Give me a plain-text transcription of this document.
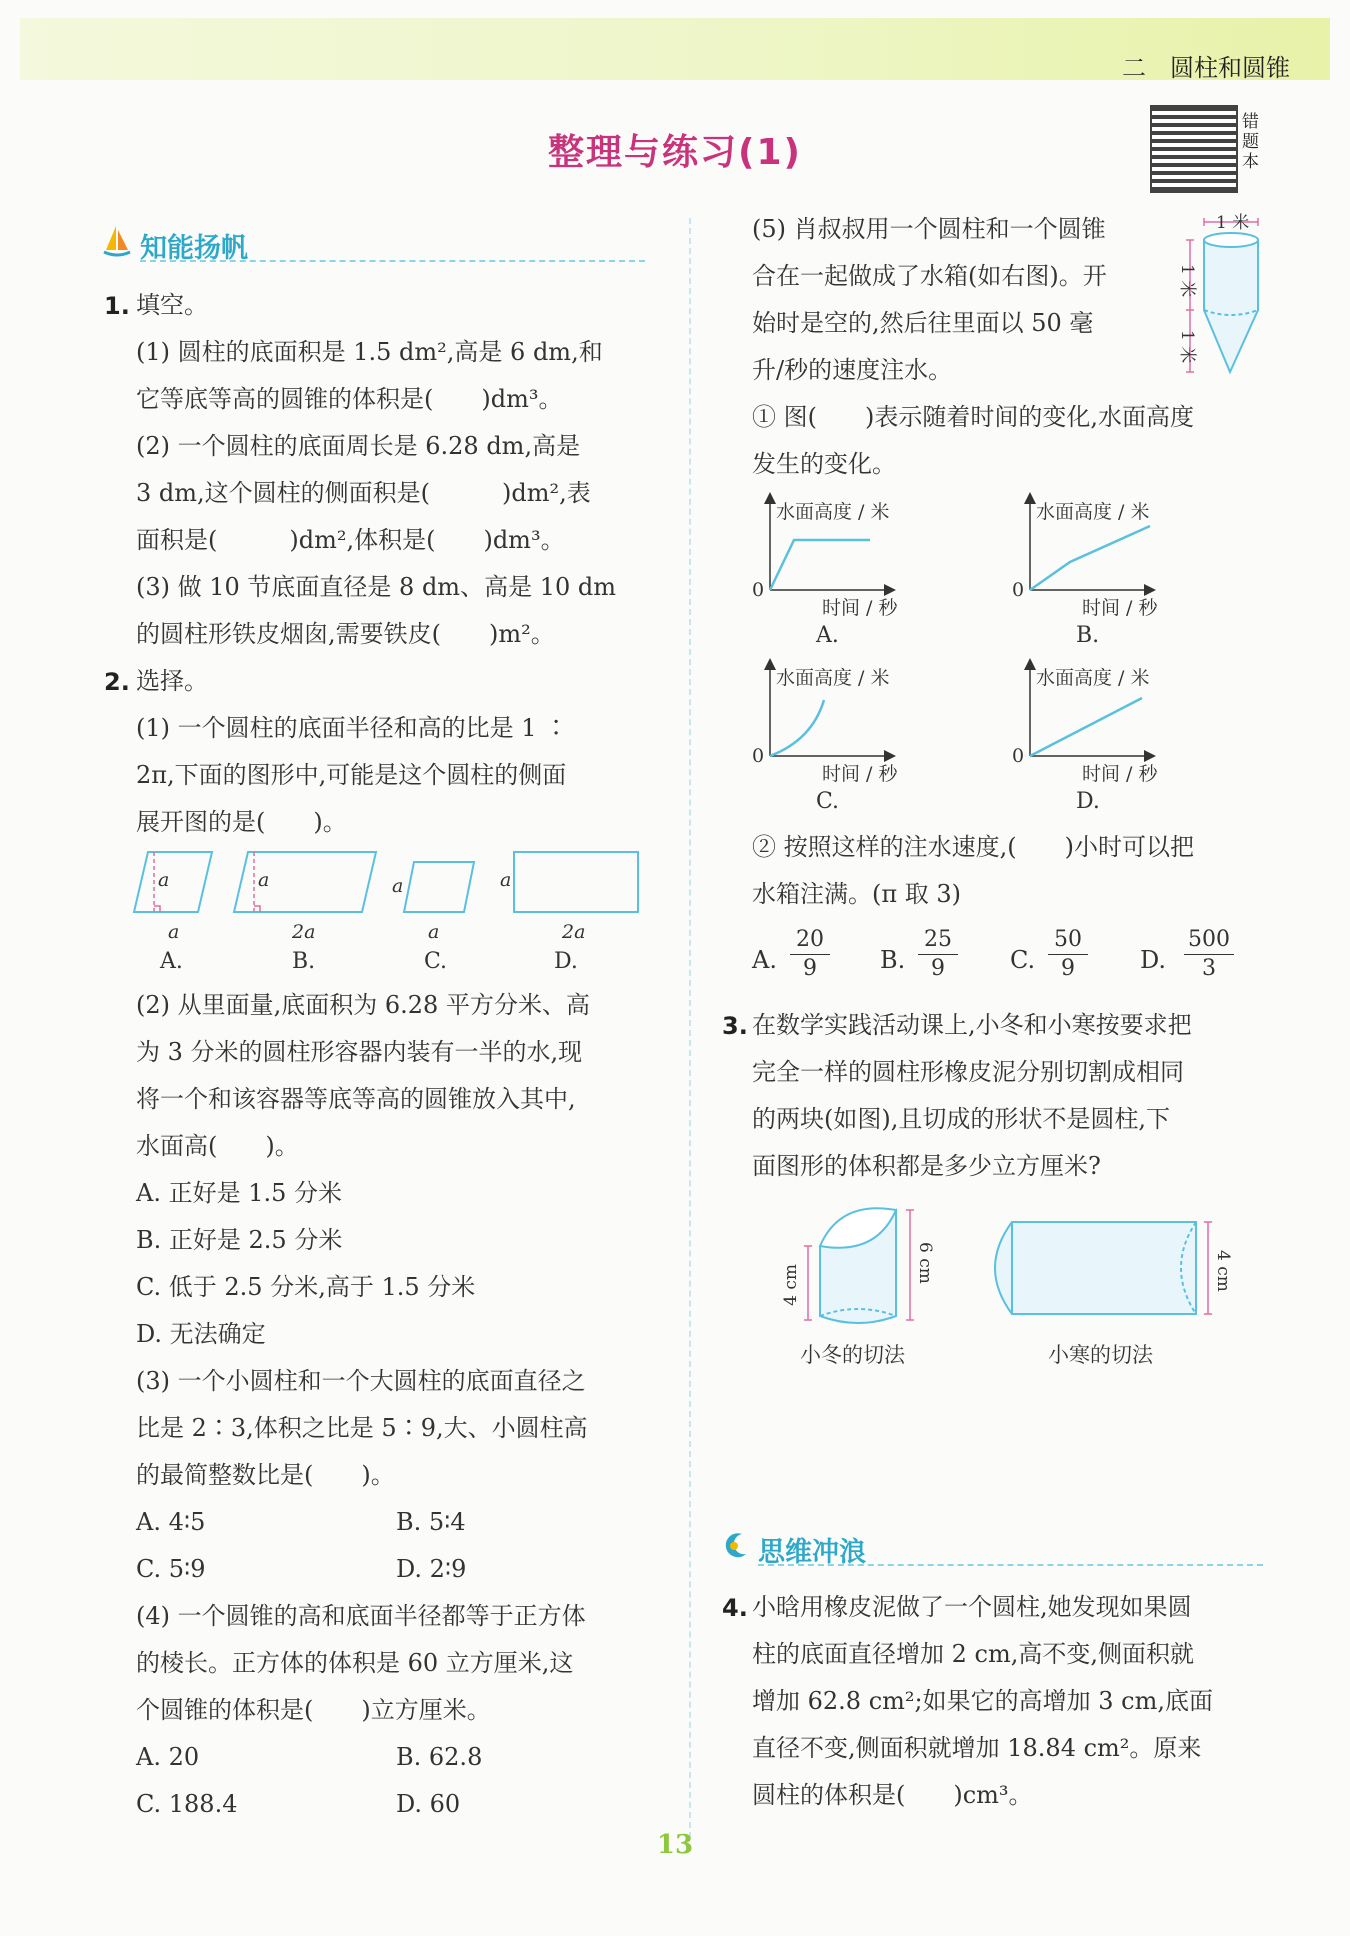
二　圆柱和圆锥
整理与练习(1)
错题本
知能扬帆
1. 填空。
(1) 圆柱的底面积是 1.5 dm²,高是 6 dm,和
它等底等高的圆锥的体积是(　　)dm³。
(2) 一个圆柱的底面周长是 6.28 dm,高是
3 dm,这个圆柱的侧面积是(　　　)dm²,表
面积是(　　　)dm²,体积是(　　)dm³。
(3) 做 10 节底面直径是 8 dm、高是 10 dm
的圆柱形铁皮烟囱,需要铁皮(　　)m²。
2. 选择。
(1) 一个圆柱的底面半径和高的比是 1 ∶
2π,下面的图形中,可能是这个圆柱的侧面
展开图的是(　　)。
a
a
a
2a
a
a
a
2a
A.	B.	C.	D.
(2) 从里面量,底面积为 6.28 平方分米、高
为 3 分米的圆柱形容器内装有一半的水,现
将一个和该容器等底等高的圆锥放入其中,
水面高(　　)。
A. 正好是 1.5 分米
B. 正好是 2.5 分米
C. 低于 2.5 分米,高于 1.5 分米
D. 无法确定
(3) 一个小圆柱和一个大圆柱的底面直径之
比是 2∶3,体积之比是 5∶9,大、小圆柱高
的最简整数比是(　　)。
A. 4∶5	B. 5∶4
C. 5∶9	D. 2∶9
(4) 一个圆锥的高和底面半径都等于正方体
的棱长。正方体的体积是 60 立方厘米,这
个圆锥的体积是(　　)立方厘米。
A. 20	B. 62.8
C. 188.4	D. 60
(5) 肖叔叔用一个圆柱和一个圆锥
合在一起做成了水箱(如右图)。开
始时是空的,然后往里面以 50 毫
升/秒的速度注水。
1 米
1 米
1 米
① 图(　　)表示随着时间的变化,水面高度
发生的变化。
水面高度 / 米	水面高度 / 米
水面高度 / 米	水面高度 / 米
时间 / 秒	时间 / 秒
时间 / 秒	时间 / 秒
0	0
0	0
A.	B.
C.	D.
② 按照这样的注水速度,(　　)小时可以把
水箱注满。(π 取 3)
A. $\frac{20}{9} B$. $\frac{25}{9} C$. $\frac{50}{9} D$. $\frac{500}{3}$
3. 在数学实践活动课上,小冬和小寒按要求把
完全一样的圆柱形橡皮泥分别切割成相同
的两块(如图),且切成的形状不是圆柱,下
面图形的体积都是多少立方厘米?
4 cm
6 cm	4 cm
小冬的切法	小寒的切法
思维冲浪
4. 小晗用橡皮泥做了一个圆柱,她发现如果圆
柱的底面直径增加 2 cm,高不变,侧面积就
增加 62.8 cm²;如果它的高增加 3 cm,底面
直径不变,侧面积就增加 18.84 cm²。原来
圆柱的体积是(　　)cm³。
13
